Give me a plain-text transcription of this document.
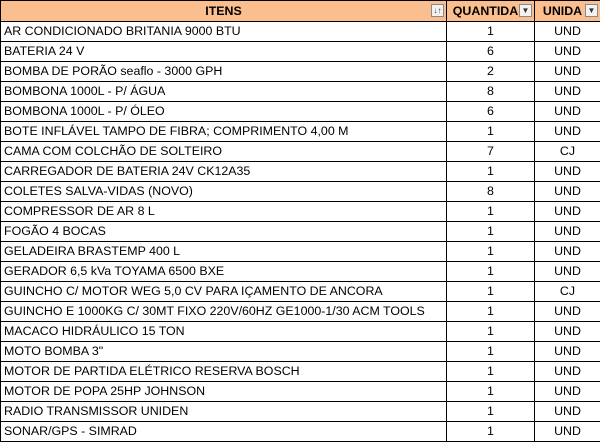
ITENS ↓↑	QUANTIDA ▼	UNIDA ▼

AR CONDICIONADO BRITANIA 9000 BTU	1	UND
BATERIA 24 V	6	UND
BOMBA DE PORÃO seaflo - 3000 GPH	2	UND
BOMBONA 1000L - P/ ÁGUA	8	UND
BOMBONA 1000L - P/ ÓLEO	6	UND
BOTE INFLÁVEL TAMPO DE FIBRA; COMPRIMENTO 4,00 M	1	UND
CAMA COM COLCHÃO DE SOLTEIRO	7	CJ
CARREGADOR DE BATERIA 24V CK12A35	1	UND
COLETES SALVA-VIDAS (NOVO)	8	UND
COMPRESSOR DE AR 8 L	1	UND
FOGÃO 4 BOCAS	1	UND
GELADEIRA BRASTEMP 400 L	1	UND
GERADOR 6,5 kVa TOYAMA 6500 BXE	1	UND
GUINCHO C/ MOTOR WEG 5,0 CV PARA IÇAMENTO DE ANCORA	1	CJ
GUINCHO E 1000KG C/ 30MT FIXO 220V/60HZ GE1000-1/30 ACM TOOLS	1	UND
MACACO HIDRÁULICO 15 TON	1	UND
MOTO BOMBA 3"	1	UND
MOTOR DE PARTIDA ELÉTRICO RESERVA BOSCH	1	UND
MOTOR DE POPA 25HP JOHNSON	1	UND
RADIO TRANSMISSOR UNIDEN	1	UND
SONAR/GPS - SIMRAD	1	UND
